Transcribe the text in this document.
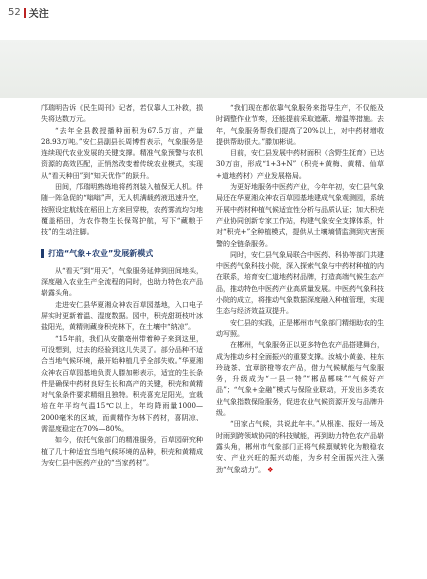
52 关注

邝瑞明告诉《民生周刊》记者，若仅靠人工补救，损失将达数万元。

“去年全县教授播种面积为67.5万亩，产量28.93万吨。”安仁县副县长周博哲表示，气象服务是连续现代农业发展的关键支撑。精准气象预警与农机资源的高效匹配，正悄然改变着传统农业模式，实现从“看天种田”到“知天优作”的跃升。

田间，邝瑞明熟练地将药剂装入植保无人机。伴随一阵急促的“嗡嗡”声，无人机满载药液迅速升空，按照设定航线在稻田上方来回穿梭，农药雾流均匀地覆盖稻田，为农作物生长保驾护航，写下“藏粮于技”的生动注脚。

打造“气象+农业”发展新模式

从“看天”到“用天”，气象服务延伸到田间地头，深度融入农业生产全流程的同时，也助力特色农产品崭露头角。

走进安仁县华夏湘众神农百草园基地，入口电子屏实时更新着温、湿度数据。园中，积壳甜斑枝叶冰盐阳光，黄精则藏身积壳林下，在土壤中“纳凉”。

“15年前，我们从安徽亳州带着种子来到这里，可没想到，过去的经验到这儿失灵了。部分品种不适合当地气候环境，最开始种植几乎全部失败。”华夏湘众神农百草园基地负责人滕加彬表示，适宜的生长条件是确保中药材良好生长和高产的关键，积壳和黄精对气象条件要求精细且独特。积壳喜充足阳光，宜栽培在年平均气温15℃以上，年均降雨量1000—2000毫米的区域，而黄精作为林下药材，喜阴凉、需湿度稳定在70%—80%。

如今，依托气象部门的精准服务，百草园研究种植了几十种适宜当地气候环境的品种，积壳和黄精成为安仁县中医药产业的“当家药材”。

“我们现在都依靠气象服务来指导生产，不仅能及时调整作业节奏，还能提前采取遮蔽、增温等措施。去年，气象服务帮我们提高了20%以上，对中药材增收提供帮助很大。”滕加彬说。

目前，安仁县发展中药材面积（含野生抚育）已达30万亩，形成“1+3+N”（积壳+黄梅、黄精、仙草+道地药材）产业发展格局。

为更好地服务中医药产业，今年年初，安仁县气象局还在华夏湘众神农百草园基地建成气象观测园，系统开展中药材种植气候适宜性分析与品质认证；加大积壳产业协同创新专家工作站，构建气象安全支撑体系，针对“积壳+”全种植模式，提供从土壤墒情监测到灾害预警的全链条服务。

同时，安仁县气象局联合中医药、科协等部门共建中医药气象科技小院，深入探索气象与中药材种植的内在联系，培育安仁道地药材品牌，打造高端气候生态产品，推动特色中医药产业高质量发展。中医药气象科技小院的成立，将推动气象数据深度融入种植管理，实现生态与经济效益双提升。

安仁县的实践，正是郴州市气象部门精细助农的生动写照。

在郴州，气象服务正以更多特色农产品搭建舞台，成为推动乡村全面振兴的重要支撑。汝城小黄姜、桂东玲珑茶、宜章脐橙等农产品，借力气候赋能与气象服务，升级成为“一县一特”“郴品郴味”“气候好产品”；“气象+金融”模式与保险业联动，开发出多类农业气象指数保险服务，促进农业气候资源开发与品牌升级。

“田家占气候，共说此年丰。”从根准、报好一场及时雨到跨领域协同的科技赋能，再到助力特色农产品崭露头角，郴州市气象部门正将气候禀赋转化为粮稳农安、产业兴旺的振兴动能，为乡村全面振兴注入强劲“气象动力”。 ❖
